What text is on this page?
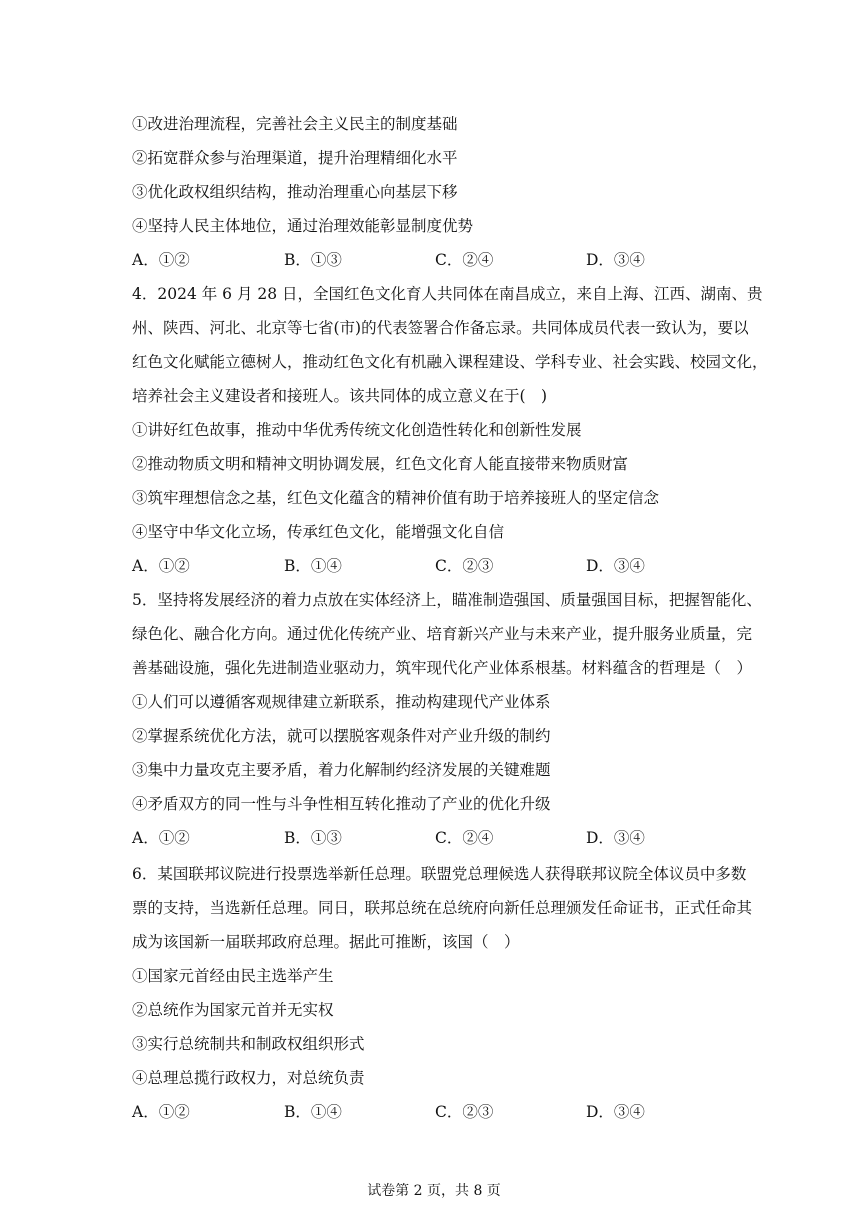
①改进治理流程，完善社会主义民主的制度基础
②拓宽群众参与治理渠道，提升治理精细化水平
③优化政权组织结构，推动治理重心向基层下移
④坚持人民主体地位，通过治理效能彰显制度优势
A．①②	B．①③	C．②④	D．③④
4．2024 年 6 月 28 日，全国红色文化育人共同体在南昌成立，来自上海、江西、湖南、贵
州、陕西、河北、北京等七省(市)的代表签署合作备忘录。共同体成员代表一致认为，要以
红色文化赋能立德树人，推动红色文化有机融入课程建设、学科专业、社会实践、校园文化，
培养社会主义建设者和接班人。该共同体的成立意义在于(　)
①讲好红色故事，推动中华优秀传统文化创造性转化和创新性发展
②推动物质文明和精神文明协调发展，红色文化育人能直接带来物质财富
③筑牢理想信念之基，红色文化蕴含的精神价值有助于培养接班人的坚定信念
④坚守中华文化立场，传承红色文化，能增强文化自信
A．①②	B．①④	C．②③	D．③④
5．坚持将发展经济的着力点放在实体经济上，瞄准制造强国、质量强国目标，把握智能化、
绿色化、融合化方向。通过优化传统产业、培育新兴产业与未来产业，提升服务业质量，完
善基础设施，强化先进制造业驱动力，筑牢现代化产业体系根基。材料蕴含的哲理是（　）
①人们可以遵循客观规律建立新联系，推动构建现代产业体系
②掌握系统优化方法，就可以摆脱客观条件对产业升级的制约
③集中力量攻克主要矛盾，着力化解制约经济发展的关键难题
④矛盾双方的同一性与斗争性相互转化推动了产业的优化升级
A．①②	B．①③	C．②④	D．③④
6．某国联邦议院进行投票选举新任总理。联盟党总理候选人获得联邦议院全体议员中多数
票的支持，当选新任总理。同日，联邦总统在总统府向新任总理颁发任命证书，正式任命其
成为该国新一届联邦政府总理。据此可推断，该国（　）
①国家元首经由民主选举产生
②总统作为国家元首并无实权
③实行总统制共和制政权组织形式
④总理总揽行政权力，对总统负责
A．①②	B．①④	C．②③	D．③④
试卷第 2 页，共 8 页
